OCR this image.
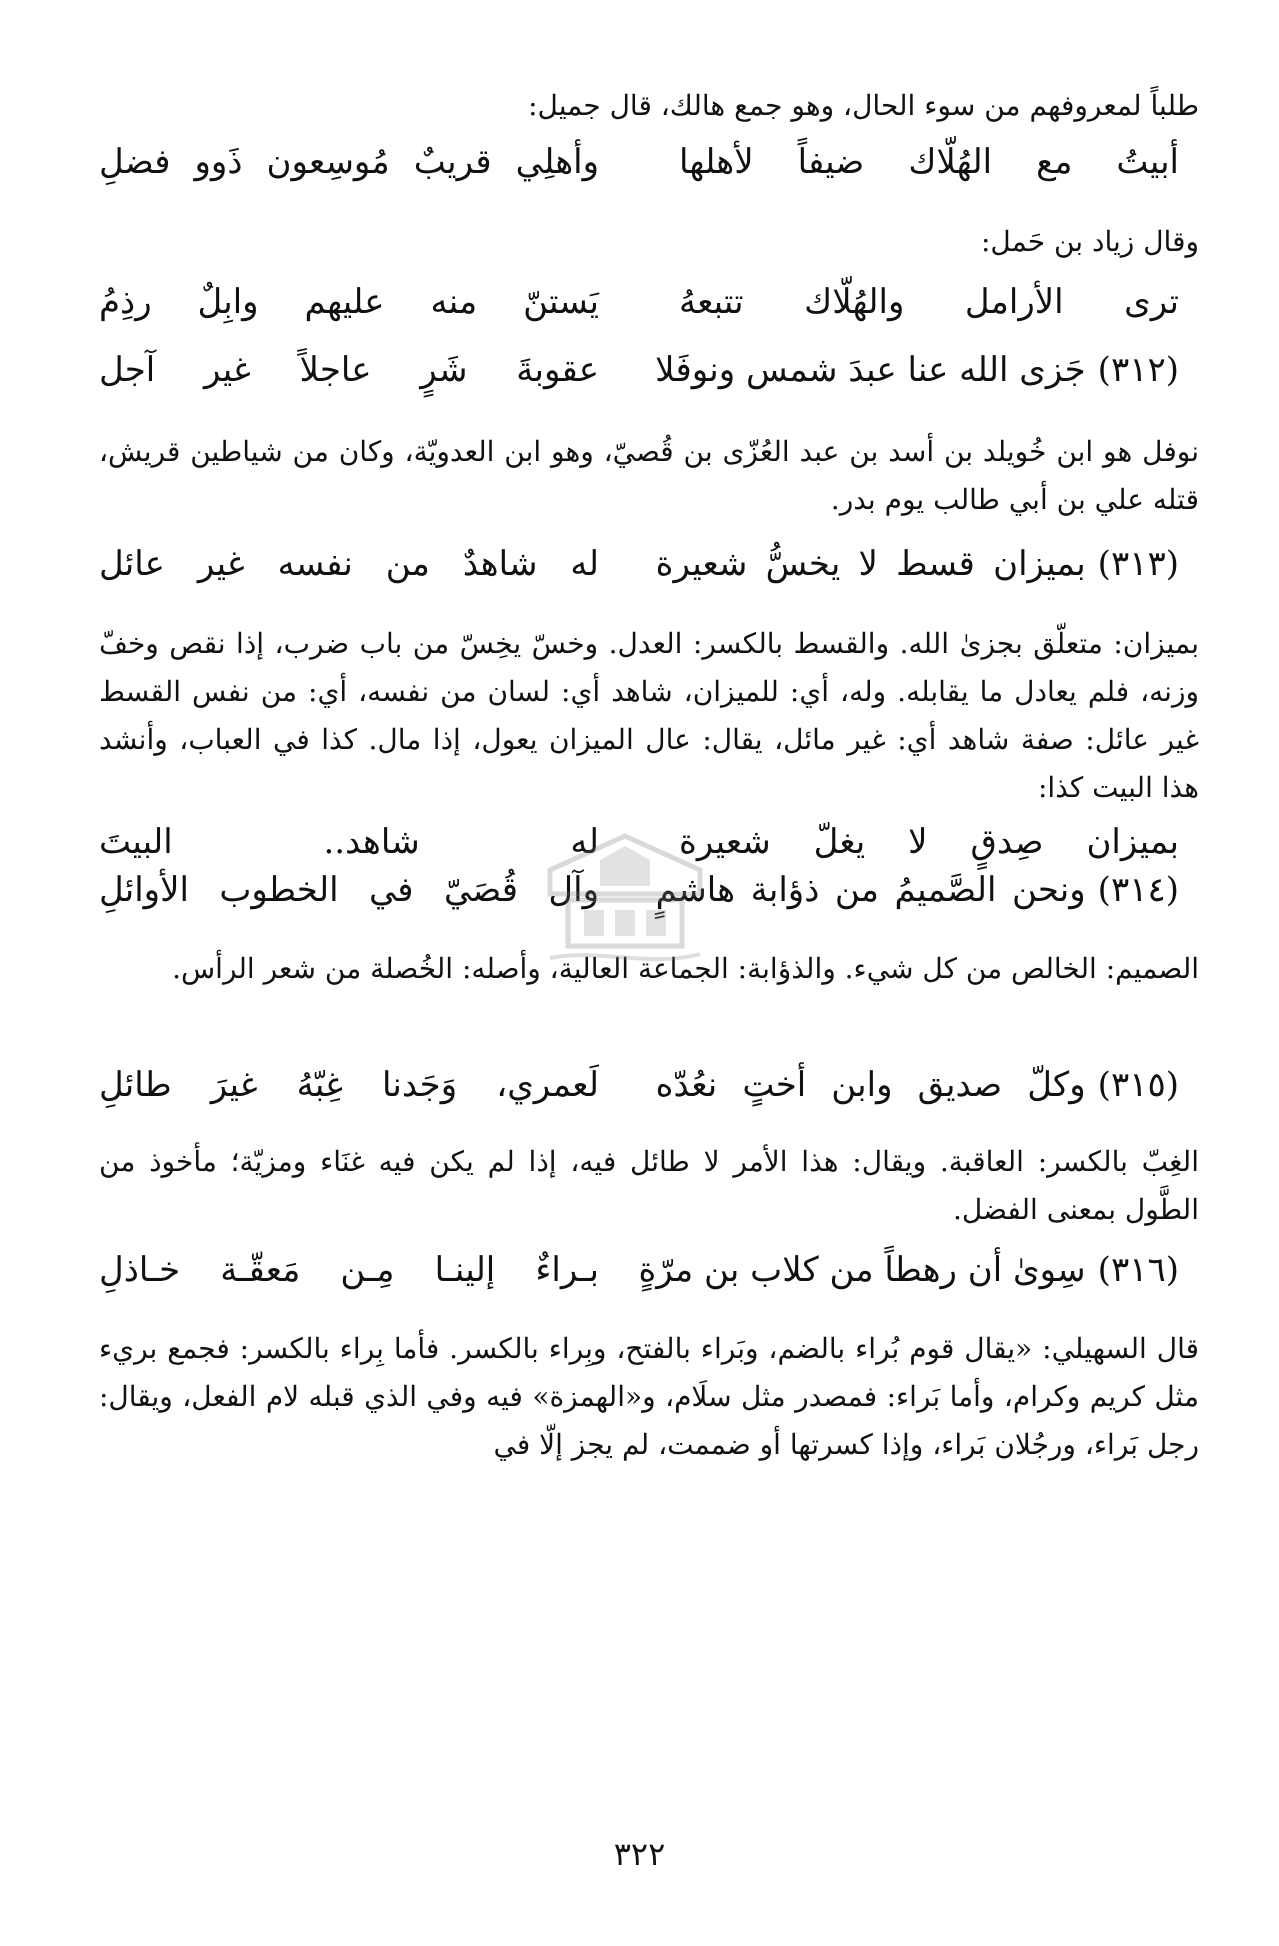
طلباً لمعروفهم من سوء الحال، وهو جمع هالك، قال جميل:
أبيتُ مع الهُلّاك ضيفاً لأهلها
وأهلِي قريبٌ مُوسِعون ذَوو فضلِ
وقال زياد بن حَمل:
ترى الأرامل والهُلّاك تتبعهُ
يَستنّ منه عليهم وابِلٌ رذِمُ
(٣١٢)
جَزى الله عنا عبدَ شمس ونوفَلا
عقوبةَ شَرٍ عاجلاً غير آجل
نوفل هو ابن خُويلد بن أسد بن عبد العُزّى بن قُصيّ، وهو ابن العدويّة، وكان من شياطين قريش، قتله علي بن أبي طالب يوم بدر.
(٣١٣)
بميزان قسط لا يخسُّ شعيرة
له شاهدٌ من نفسه غير عائل
بميزان: متعلّق بجزىٰ الله. والقسط بالكسر: العدل. وخسّ يخِسّ من باب ضرب، إذا نقص وخفّ وزنه، فلم يعادل ما يقابله. وله، أي: للميزان، شاهد أي: لسان من نفسه، أي: من نفس القسط غير عائل: صفة شاهد أي: غير مائل، يقال: عال الميزان يعول، إذا مال. كذا في العباب، وأنشد هذا البيت كذا:
بميزان صِدقٍ لا يغلّ شعيرة
له شاهد.. البيتَ
(٣١٤)
ونحن الصَّميمُ من ذؤابة هاشمٍ
وآل قُصَيّ في الخطوب الأوائلِ
الصميم: الخالص من كل شيء. والذؤابة: الجماعة العالية، وأصله: الخُصلة من شعر الرأس.
(٣١٥)
وكلّ صديق وابن أختٍ نعُدّه
لَعمري، وَجَدنا غِبّهُ غيرَ طائلِ
الغِبّ بالكسر: العاقبة. ويقال: هذا الأمر لا طائل فيه، إذا لم يكن فيه غنَاء ومزيّة؛ مأخوذ من الطَّول بمعنى الفضل.
(٣١٦)
سِوىٰ أن رهطاً من كلاب بن مرّةٍ
بـراءٌ إلينـا مِـن مَعقّـة خـاذلِ
قال السهيلي: «يقال قوم بُراء بالضم، وبَراء بالفتح، وبِراء بالكسر. فأما بِراء بالكسر: فجمع بريء مثل كريم وكرام، وأما بَراء: فمصدر مثل سلَام، و«الهمزة» فيه وفي الذي قبله لام الفعل، ويقال: رجل بَراء، ورجُلان بَراء، وإذا كسرتها أو ضممت، لم يجز إلّا في
٣٢٢
